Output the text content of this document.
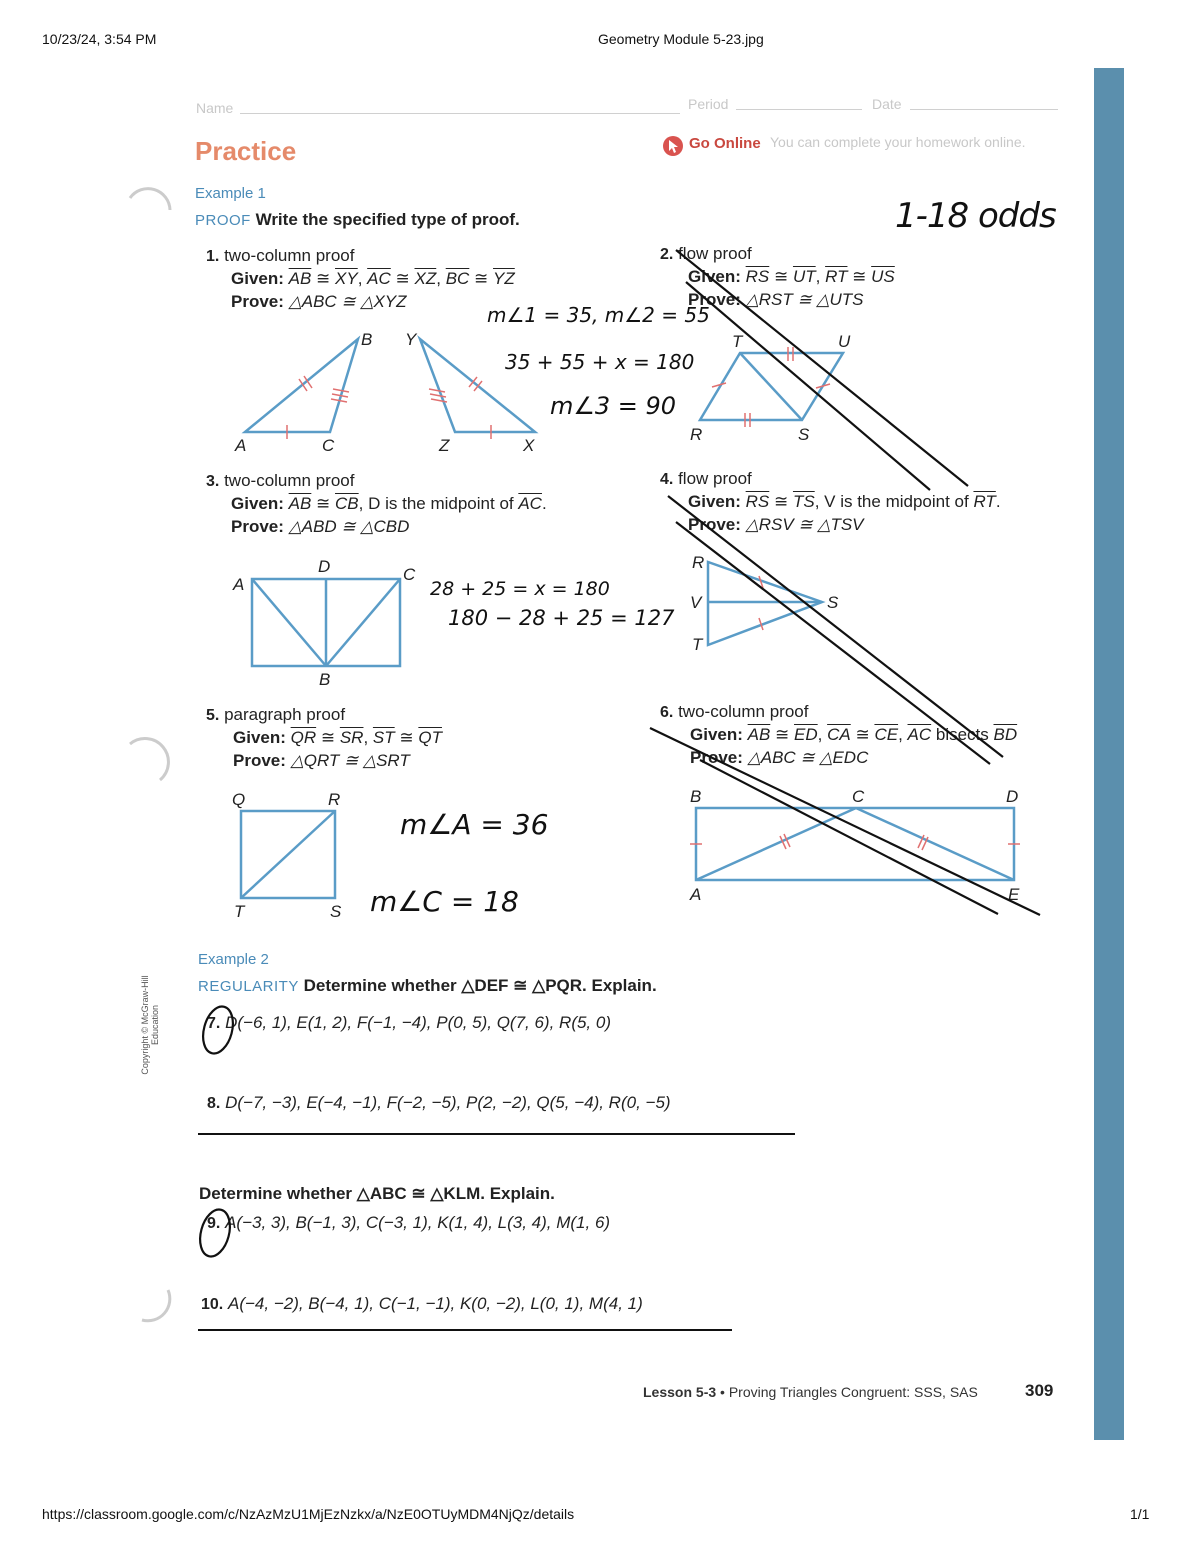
10/23/24, 3:54 PM	Geometry Module 5-23.jpg
Name	Period	Date
Practice	Go Online You can complete your homework online.
Example 1
PROOF Write the specified type of proof.
1. two-column proof
Given: $\overline{AB}$ ≅ $\overline{XY}$, $\overline{AC}$ ≅ $\overline{XZ}$, $\overline{BC}$ ≅ $\overline{YZ}$
Prove: △ABC ≅ △XYZ
2. flow proof
Given: $\overline{RS}$ ≅ $\overline{UT}$, $\overline{RT}$ ≅ $\overline{US}$
Prove: △RST ≅ △UTS
3. two-column proof
Given: $\overline{AB}$ ≅ $\overline{CB}$, D is the midpoint of $\overline{AC}$.
Prove: △ABD ≅ △CBD
4. flow proof
Given: $\overline{RS}$ ≅ $\overline{TS}$, V is the midpoint of $\overline{RT}$.
Prove: △RSV ≅ △TSV
5. paragraph proof
Given: $\overline{QR}$ ≅ $\overline{SR}$, $\overline{ST}$ ≅ $\overline{QT}$
Prove: △QRT ≅ △SRT
6. two-column proof
Given: $\overline{AB}$ ≅ $\overline{ED}$, $\overline{CA}$ ≅ $\overline{CE}$, $\overline{AC}$ bisects $\overline{BD}$
Prove: △ABC ≅ △EDC
A	C
B Y
Z	X
T	U
R	S
A
D	C
B
R
V	S
T
Q	R
T	S
B	C	D
A	E
Copyright © McGraw-Hill Education
Example 2
REGULARITY Determine whether △DEF ≅ △PQR. Explain.
7. D(−6, 1), E(1, 2), F(−1, −4), P(0, 5), Q(7, 6), R(5, 0)
8. D(−7, −3), E(−4, −1), F(−2, −5), P(2, −2), Q(5, −4), R(0, −5)
Determine whether △ABC ≅ △KLM. Explain.
9. A(−3, 3), B(−1, 3), C(−3, 1), K(1, 4), L(3, 4), M(1, 6)
10. A(−4, −2), B(−4, 1), C(−1, −1), K(0, −2), L(0, 1), M(4, 1)
Lesson 5-3 • Proving Triangles Congruent: SSS, SAS	309
1-18 odds
m∠1 = 35, m∠2 = 55
35 + 55 + x = 180
m∠3 = 90
28 + 25 = x = 180
180 − 28 + 25 = 127
m∠A = 36
m∠C = 18
https://classroom.google.com/c/NzAzMzU1MjEzNzkx/a/NzE0OTUyMDM4NjQz/details	1/1
